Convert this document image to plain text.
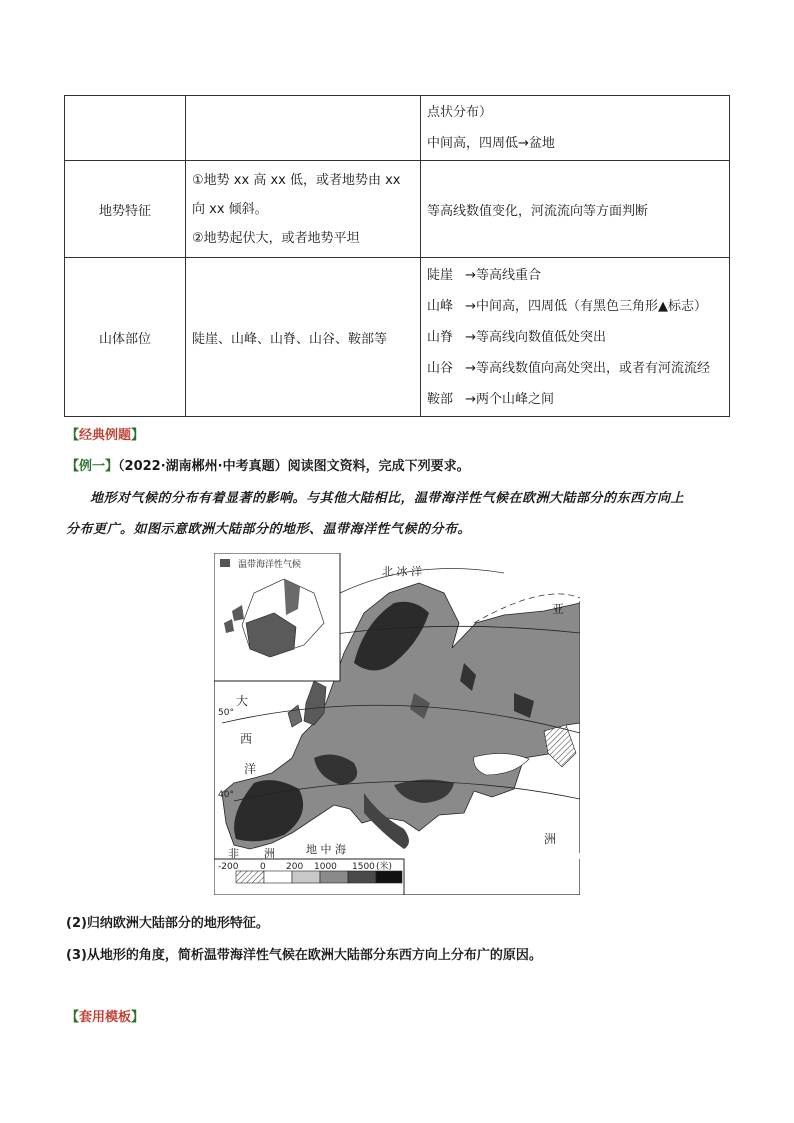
		点状分布）
中间高，四周低→盆地

地势特征	①地势 xx 高 xx 低，或者地势由 xx
向 xx 倾斜。
②地势起伏大，或者地势平坦	等高线数值变化，河流流向等方面判断
山体部位	陡崖、山峰、山脊、山谷、鞍部等	陡崖 →等高线重合
山峰 →中间高，四周低（有黑色三角形▲标志）
山脊 →等高线向数值低处突出
山谷 →等高线数值向高处突出，或者有河流流经
鞍部 →两个山峰之间
【经典例题】
【例一】（2022·湖南郴州·中考真题）阅读图文资料，完成下列要求。
地形对气候的分布有着显著的影响。与其他大陆相比，温带海洋性气候在欧洲大陆部分的东西方向上
分布更广。如图示意欧洲大陆部分的地形、温带海洋性气候的分布。
温带海洋性气候	北 冰 洋
亚
洲
大
西
洋
非 洲	地 中 海
50°
40°
-200 0 200 1000 1500 (米)
(2)归纳欧洲大陆部分的地形特征。
(3)从地形的角度，简析温带海洋性气候在欧洲大陆部分东西方向上分布广的原因。
【套用模板】
